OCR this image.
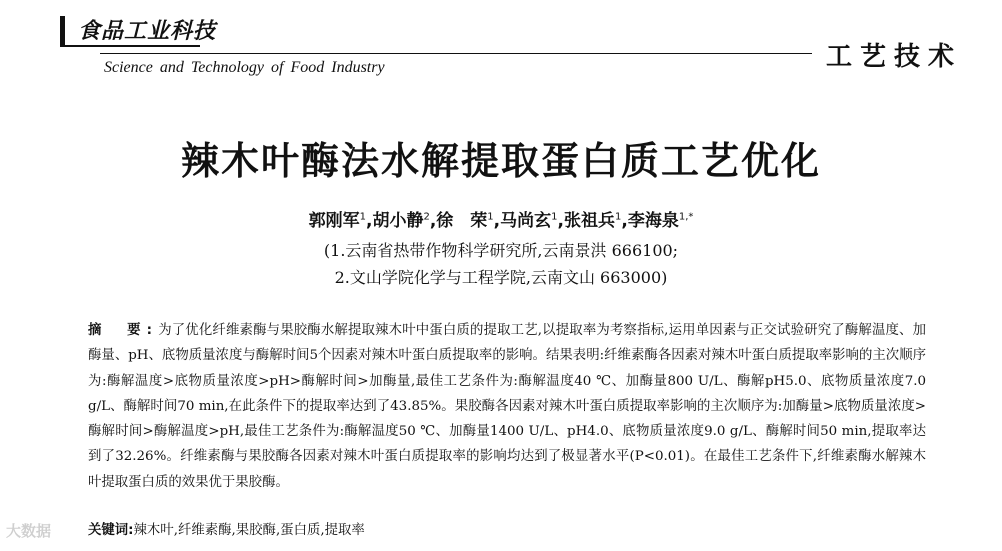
食品工业科技
Science and Technology of Food Industry	工艺技术
辣木叶酶法水解提取蛋白质工艺优化
郭刚军$^1$,胡小静$^2$,徐　荣$^1$,马尚玄$^1$,张祖兵$^1$,李海泉$^{1,*}$
(1.云南省热带作物科学研究所,云南景洪 666100;
2.文山学院化学与工程学院,云南文山 663000)
摘　要:为了优化纤维素酶与果胶酶水解提取辣木叶中蛋白质的提取工艺,以提取率为考察指标,运用单因素与正交试验研究了酶解温度、加酶量、pH、底物质量浓度与酶解时间5个因素对辣木叶蛋白质提取率的影响。结果表明:纤维素酶各因素对辣木叶蛋白质提取率影响的主次顺序为:酶解温度>底物质量浓度>pH>酶解时间>加酶量,最佳工艺条件为:酶解温度40 ℃、加酶量800 U/L、酶解pH5.0、底物质量浓度7.0 g/L、酶解时间70 min,在此条件下的提取率达到了43.85%。果胶酶各因素对辣木叶蛋白质提取率影响的主次顺序为:加酶量>底物质量浓度>酶解时间>酶解温度>pH,最佳工艺条件为:酶解温度50 ℃、加酶量1400 U/L、pH4.0、底物质量浓度9.0 g/L、酶解时间50 min,提取率达到了32.26%。纤维素酶与果胶酶各因素对辣木叶蛋白质提取率的影响均达到了极显著水平(P<0.01)。在最佳工艺条件下,纤维素酶水解辣木叶提取蛋白质的效果优于果胶酶。
关键词:辣木叶,纤维素酶,果胶酶,蛋白质,提取率
大数据
